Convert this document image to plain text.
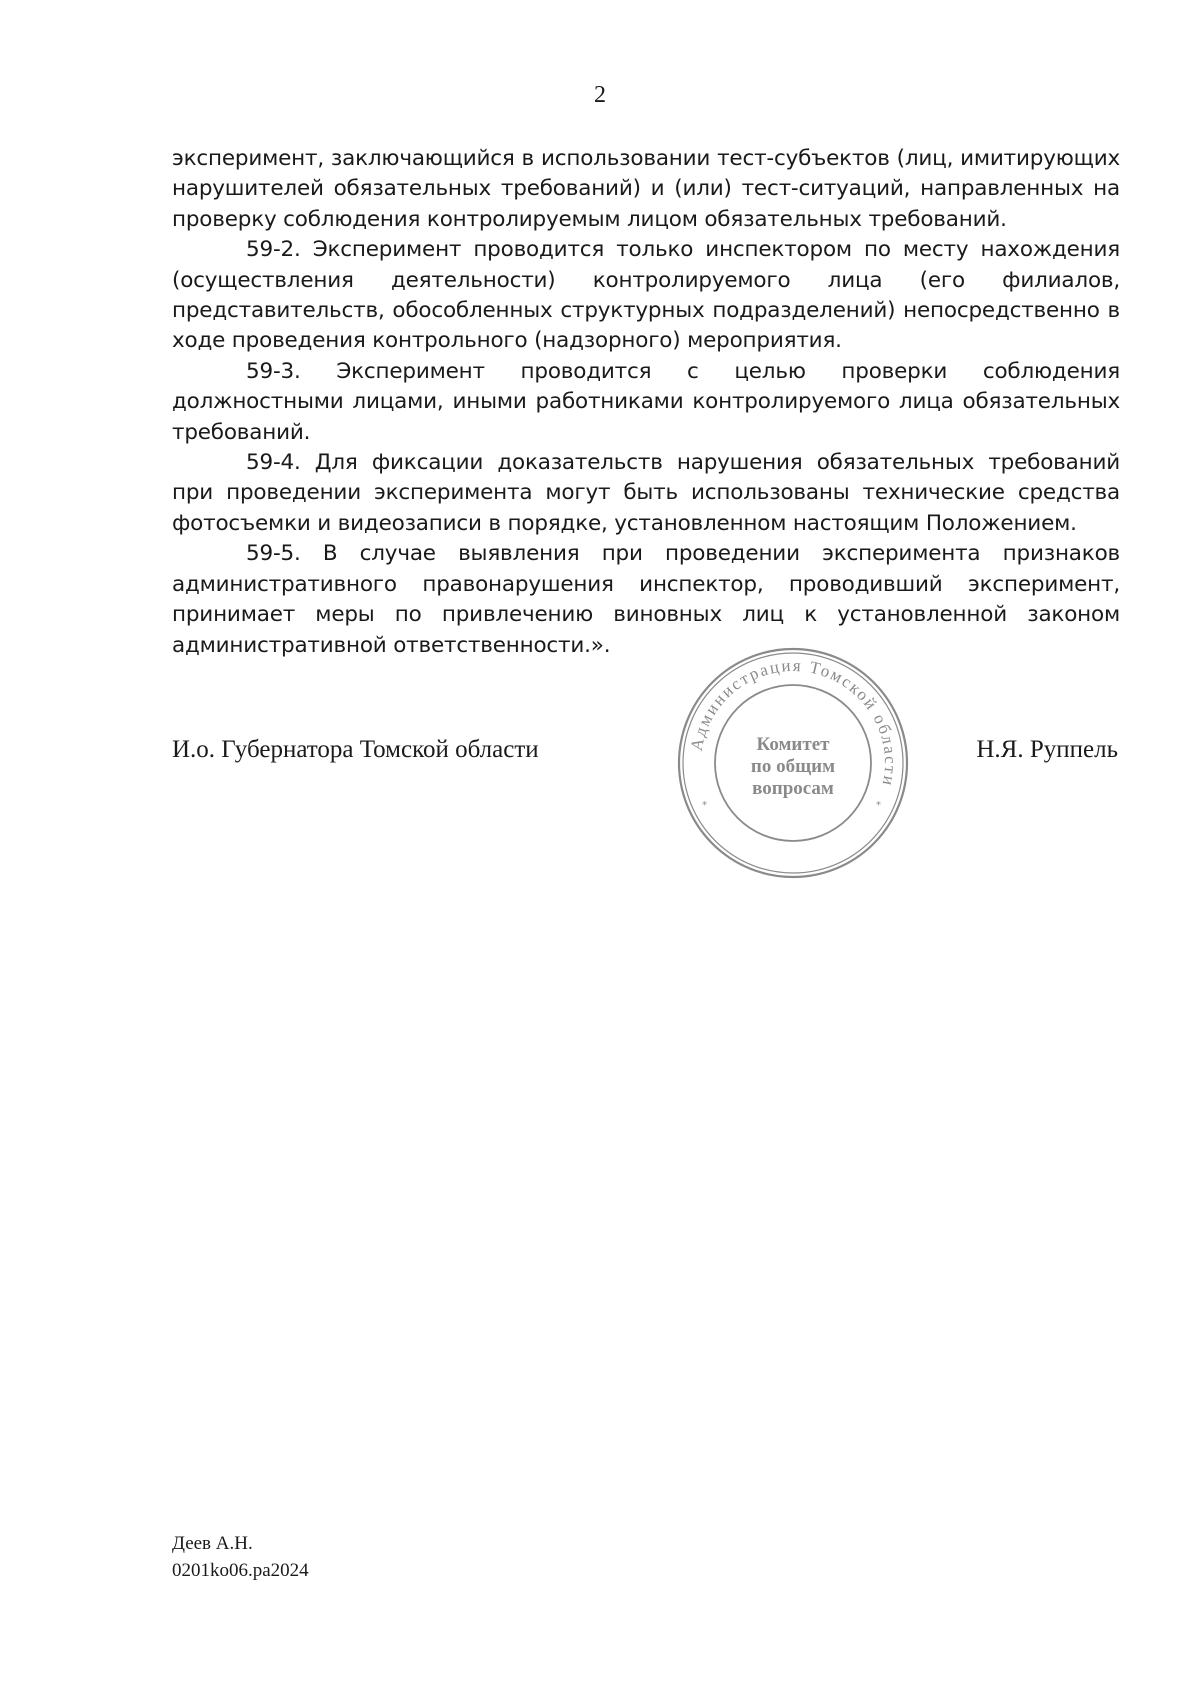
2

эксперимент, заключающийся в использовании тест-субъектов (лиц, имитирующих нарушителей обязательных требований) и (или) тест-ситуаций, направленных на проверку соблюдения контролируемым лицом обязательных требований.

59-2. Эксперимент проводится только инспектором по месту нахождения (осуществления деятельности) контролируемого лица (его филиалов, представительств, обособленных структурных подразделений) непосредственно в ходе проведения контрольного (надзорного) мероприятия.

59-3. Эксперимент проводится с целью проверки соблюдения должностными лицами, иными работниками контролируемого лица обязательных требований.

59-4. Для фиксации доказательств нарушения обязательных требований при проведении эксперимента могут быть использованы технические средства фотосъемки и видеозаписи в порядке, установленном настоящим Положением.

59-5. В случае выявления при проведении эксперимента признаков административного правонарушения инспектор, проводивший эксперимент, принимает меры по привлечению виновных лиц к установленной законом административной ответственности.».

И.о. Губернатора Томской области	Администрация Томской области
Комитет
по общим
вопросам
*	*
Н.Я. Руппель
Деев А.Н.
0201ko06.pa2024
